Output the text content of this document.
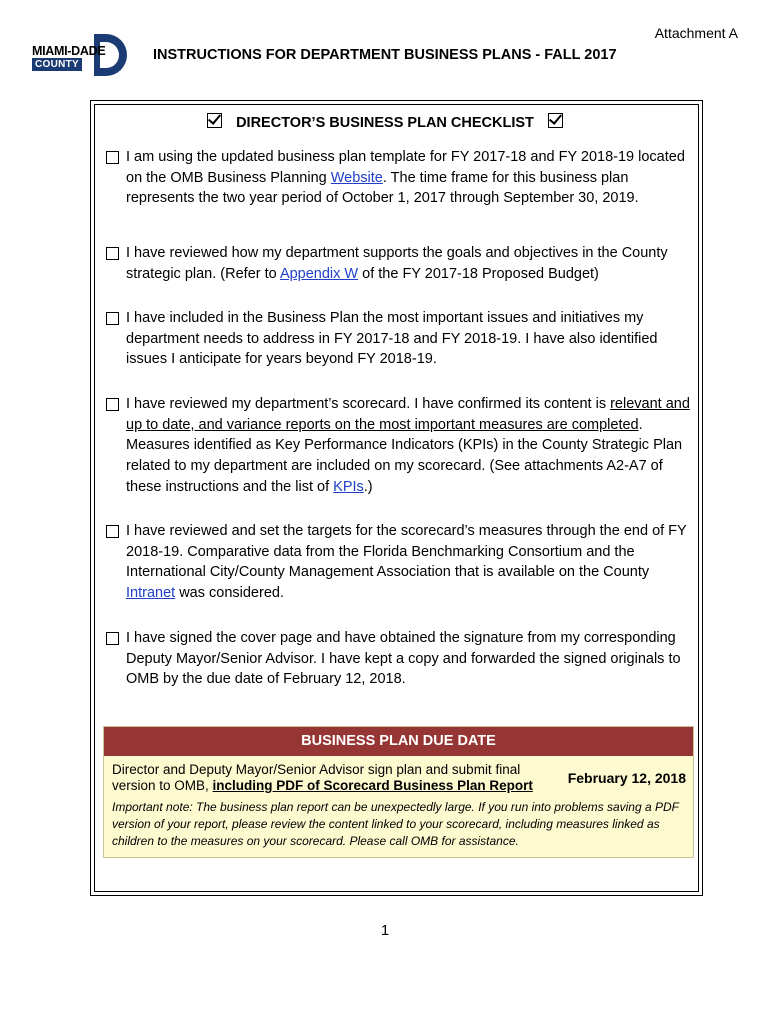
Attachment A
MIAMI-DADE
COUNTY
INSTRUCTIONS FOR DEPARTMENT BUSINESS PLANS - FALL 2017
DIRECTOR’S BUSINESS PLAN CHECKLIST
I am using the updated business plan template for FY 2017-18 and FY 2018-19 located on the OMB Business Planning Website. The time frame for this business plan represents the two year period of October 1, 2017 through September 30, 2019.
I have reviewed how my department supports the goals and objectives in the County strategic plan. (Refer to Appendix W of the FY 2017-18 Proposed Budget)
I have included in the Business Plan the most important issues and initiatives my department needs to address in FY 2017-18 and FY 2018-19. I have also identified issues I anticipate for years beyond FY 2018-19.
I have reviewed my department’s scorecard. I have confirmed its content is relevant and up to date, and variance reports on the most important measures are completed. Measures identified as Key Performance Indicators (KPIs) in the County Strategic Plan related to my department are included on my scorecard. (See attachments A2-A7 of these instructions and the list of KPIs.)
I have reviewed and set the targets for the scorecard’s measures through the end of FY 2018-19. Comparative data from the Florida Benchmarking Consortium and the International City/County Management Association that is available on the County Intranet was considered.
I have signed the cover page and have obtained the signature from my corresponding Deputy Mayor/Senior Advisor. I have kept a copy and forwarded the signed originals to OMB by the due date of February 12, 2018.
BUSINESS PLAN DUE DATE
Director and Deputy Mayor/Senior Advisor sign plan and submit final version to OMB, including PDF of Scorecard Business Plan Report	February 12, 2018
Important note: The business plan report can be unexpectedly large. If you run into problems saving a PDF version of your report, please review the content linked to your scorecard, including measures linked as children to the measures on your scorecard. Please call OMB for assistance.
1
